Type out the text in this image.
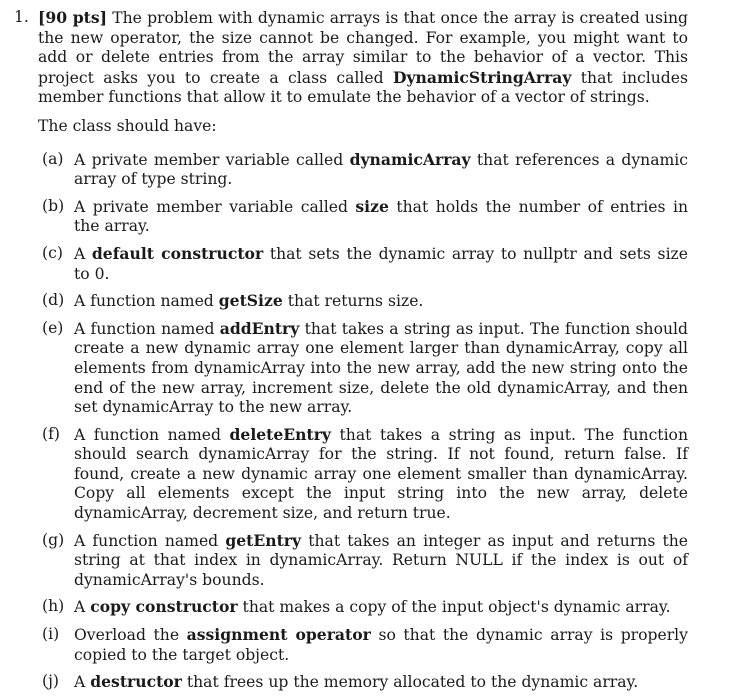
1. [90 pts] The problem with dynamic arrays is that once the array is created using the new operator, the size cannot be changed. For example, you might want to add or delete entries from the array similar to the behavior of a vector. This project asks you to create a class called DynamicStringArray that includes member functions that allow it to emulate the behavior of a vector of strings.
The class should have:
(a) A private member variable called dynamicArray that references a dynamic array of type string.
(b) A private member variable called size that holds the number of entries in the array.
(c) A default constructor that sets the dynamic array to nullptr and sets size to 0.
(d) A function named getSize that returns size.
(e) A function named addEntry that takes a string as input. The function should create a new dynamic array one element larger than dynamicArray, copy all elements from dynamicArray into the new array, add the new string onto the end of the new array, increment size, delete the old dynamicArray, and then set dynamicArray to the new array.
(f) A function named deleteEntry that takes a string as input. The function should search dynamicArray for the string. If not found, return false. If found, create a new dynamic array one element smaller than dynamicArray. Copy all elements except the input string into the new array, delete dynamicArray, decrement size, and return true.
(g) A function named getEntry that takes an integer as input and returns the string at that index in dynamicArray. Return NULL if the index is out of dynamicArray's bounds.
(h) A copy constructor that makes a copy of the input object's dynamic array.
(i) Overload the assignment operator so that the dynamic array is properly copied to the target object.
(j) A destructor that frees up the memory allocated to the dynamic array.
